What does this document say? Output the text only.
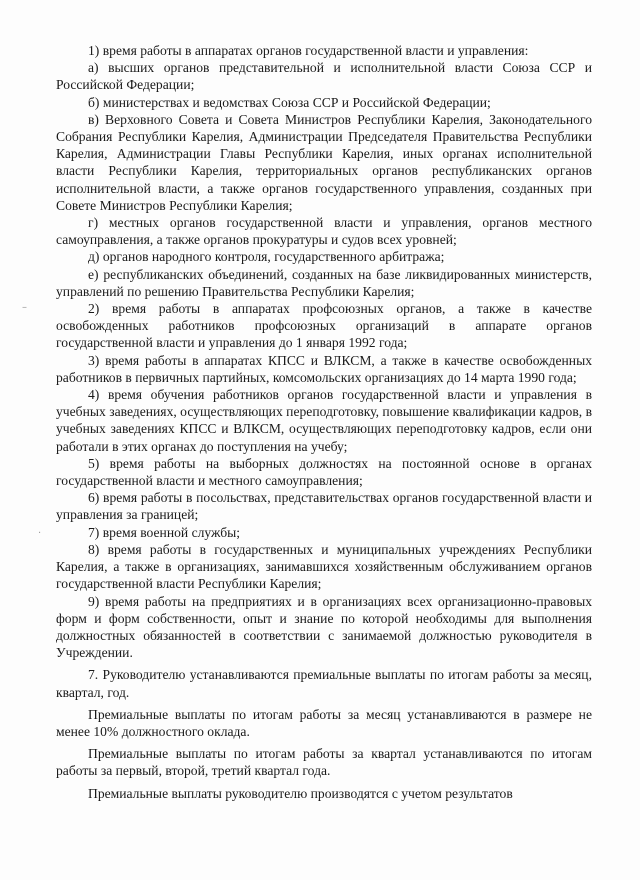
–
·

1) время работы в аппаратах органов государственной власти и управления:

а) высших органов представительной и исполнительной власти Союза ССР и Российской Федерации;

б) министерствах и ведомствах Союза ССР и Российской Федерации;

в) Верховного Совета и Совета Министров Республики Карелия, Законодательного Собрания Республики Карелия, Администрации Председателя Правительства Республики Карелия, Администрации Главы Республики Карелия, иных органах исполнительной власти Республики Карелия, территориальных органов республиканских органов исполнительной власти, а также органов государственного управления, созданных при Совете Министров Республики Карелия;

г) местных органов государственной власти и управления, органов местного самоуправления, а также органов прокуратуры и судов всех уровней;

д) органов народного контроля, государственного арбитража;

е) республиканских объединений, созданных на базе ликвидированных министерств, управлений по решению Правительства Республики Карелия;

2) время работы в аппаратах профсоюзных органов, а также в качестве освобожденных работников профсоюзных организаций в аппарате органов государственной власти и управления до 1 января 1992 года;

3) время работы в аппаратах КПСС и ВЛКСМ, а также в качестве освобожденных работников в первичных партийных, комсомольских организациях до 14 марта 1990 года;

4) время обучения работников органов государственной власти и управления в учебных заведениях, осуществляющих переподготовку, повышение квалификации кадров, в учебных заведениях КПСС и ВЛКСМ, осуществляющих переподготовку кадров, если они работали в этих органах до поступления на учебу;

5) время работы на выборных должностях на постоянной основе в органах государственной власти и местного самоуправления;

6) время работы в посольствах, представительствах органов государственной власти и управления за границей;

7) время военной службы;

8) время работы в государственных и муниципальных учреждениях Республики Карелия, а также в организациях, занимавшихся хозяйственным обслуживанием органов государственной власти Республики Карелия;

9) время работы на предприятиях и в организациях всех организационно-правовых форм и форм собственности, опыт и знание по которой необходимы для выполнения должностных обязанностей в соответствии с занимаемой должностью руководителя в Учреждении.

7. Руководителю устанавливаются премиальные выплаты по итогам работы за месяц, квартал, год.

Премиальные выплаты по итогам работы за месяц устанавливаются в размере не менее 10% должностного оклада.

Премиальные выплаты по итогам работы за квартал устанавливаются по итогам работы за первый, второй, третий квартал года.

Премиальные выплаты руководителю производятся с учетом результатов
